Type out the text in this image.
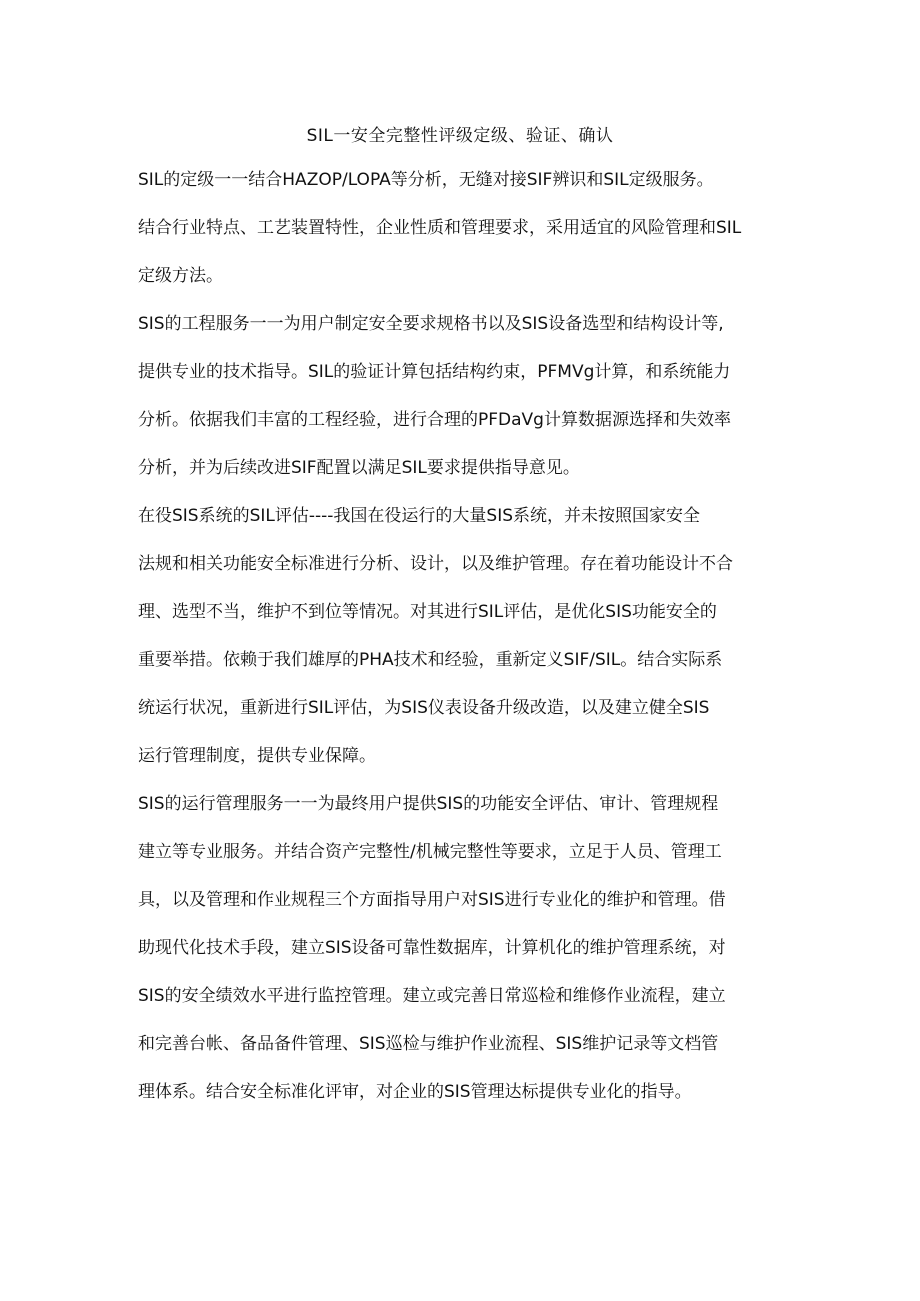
SIL一安全完整性评级定级、验证、确认

SIL的定级一一结合HAZOP/LOPA等分析，无缝对接SIF辨识和SIL定级服务。
结合行业特点、工艺装置特性，企业性质和管理要求，采用适宜的风险管理和SIL
定级方法。

SIS的工程服务一一为用户制定安全要求规格书以及SIS设备选型和结构设计等,
提供专业的技术指导。SIL的验证计算包括结构约束，PFMVg计算，和系统能力
分析。依据我们丰富的工程经验，进行合理的PFDaVg计算数据源选择和失效率
分析，并为后续改进SIF配置以满足SIL要求提供指导意见。

在役SIS系统的SIL评估----我国在役运行的大量SIS系统，并未按照国家安全
法规和相关功能安全标准进行分析、设计，以及维护管理。存在着功能设计不合
理、选型不当，维护不到位等情况。对其进行SIL评估，是优化SIS功能安全的
重要举措。依赖于我们雄厚的PHA技术和经验，重新定义SIF/SIL。结合实际系
统运行状况，重新进行SIL评估，为SIS仪表设备升级改造，以及建立健全SIS
运行管理制度，提供专业保障。

SIS的运行管理服务一一为最终用户提供SIS的功能安全评估、审计、管理规程
建立等专业服务。并结合资产完整性/机械完整性等要求，立足于人员、管理工
具，以及管理和作业规程三个方面指导用户对SIS进行专业化的维护和管理。借
助现代化技术手段，建立SIS设备可靠性数据库，计算机化的维护管理系统，对
SIS的安全绩效水平进行监控管理。建立或完善日常巡检和维修作业流程，建立
和完善台帐、备品备件管理、SIS巡检与维护作业流程、SIS维护记录等文档管
理体系。结合安全标准化评审，对企业的SIS管理达标提供专业化的指导。
